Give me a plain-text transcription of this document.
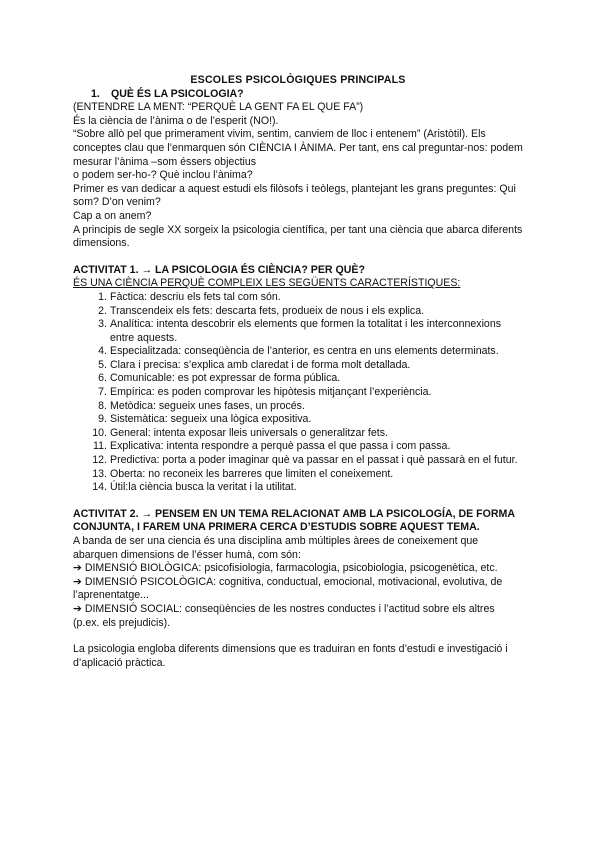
ESCOLES PSICOLÒGIQUES PRINCIPALS

1. QUÈ ÉS LA PSICOLOGIA?

(ENTENDRE LA MENT: “PERQUÈ LA GENT FA EL QUE FA”)

És la ciència de l’ànima o de l’esperit (NO!).

“Sobre allò pel que primerament vivim, sentim, canviem de lloc i entenem” (Aristòtil). Els conceptes clau que l’enmarquen són CIÈNCIA I ÀNIMA. Per tant, ens cal preguntar-nos: podem mesurar l’ànima –som éssers objectius

o podem ser-ho-? Què inclou l’ànima?

Primer es van dedicar a aquest estudi els filòsofs i teòlegs, plantejant les grans preguntes: Qui som? D’on venim?

Cap a on anem?

A principis de segle XX sorgeix la psicologia científica, per tant una ciència que abarca diferents dimensions.

ACTIVITAT 1. → LA PSICOLOGIA ÉS CIÈNCIA? PER QUÈ?

ÉS UNA CIÈNCIA PERQUÈ COMPLEIX LES SEGÜENTS CARACTERÍSTIQUES:

1. Fàctica: descriu els fets tal com són.
2. Transcendeix els fets: descarta fets, produeix de nous i els explica.
3. Analítica: intenta descobrir els elements que formen la totalitat i les interconnexions entre aquests.
4. Especialitzada: conseqüència de l’anterior, es centra en uns elements determinats.
5. Clara i precisa: s’explica amb claredat i de forma molt detallada.
6. Comunicable: es pot expressar de forma pública.
7. Empírica: es poden comprovar les hipòtesis mitjançant l’experiència.
8. Metòdica: segueix unes fases, un procés.
9. Sistemàtica: segueix una lògica expositiva.
10. General: intenta exposar lleis universals o generalitzar fets.
11. Explicativa: intenta respondre a perquè passa el que passa i com passa.
12. Predictiva: porta a poder imaginar què va passar en el passat i què passarà en el futur.
13. Oberta: no reconeix les barreres que limiten el coneixement.
14. Útil:la ciència busca la veritat i la utilitat.

ACTIVITAT 2. → PENSEM EN UN TEMA RELACIONAT AMB LA PSICOLOGÍA, DE FORMA CONJUNTA, I FAREM UNA PRIMERA CERCA D’ESTUDIS SOBRE AQUEST TEMA.

A banda de ser una ciencia és una disciplina amb múltiples àrees de coneixement que abarquen dimensions de l’ésser humà, com són:

➔ DIMENSIÓ BIOLÒGICA: psicofisiologia, farmacologia, psicobiologia, psicogenètica, etc.

➔ DIMENSIÓ PSICOLÒGICA: cognitiva, conductual, emocional, motivacional, evolutiva, de l’aprenentatge...

➔ DIMENSIÓ SOCIAL: conseqüències de les nostres conductes i l’actitud sobre els altres (p.ex. els prejudicis).

La psicologia engloba diferents dimensions que es traduiran en fonts d’estudi e investigació i d’aplicació pràctica.
